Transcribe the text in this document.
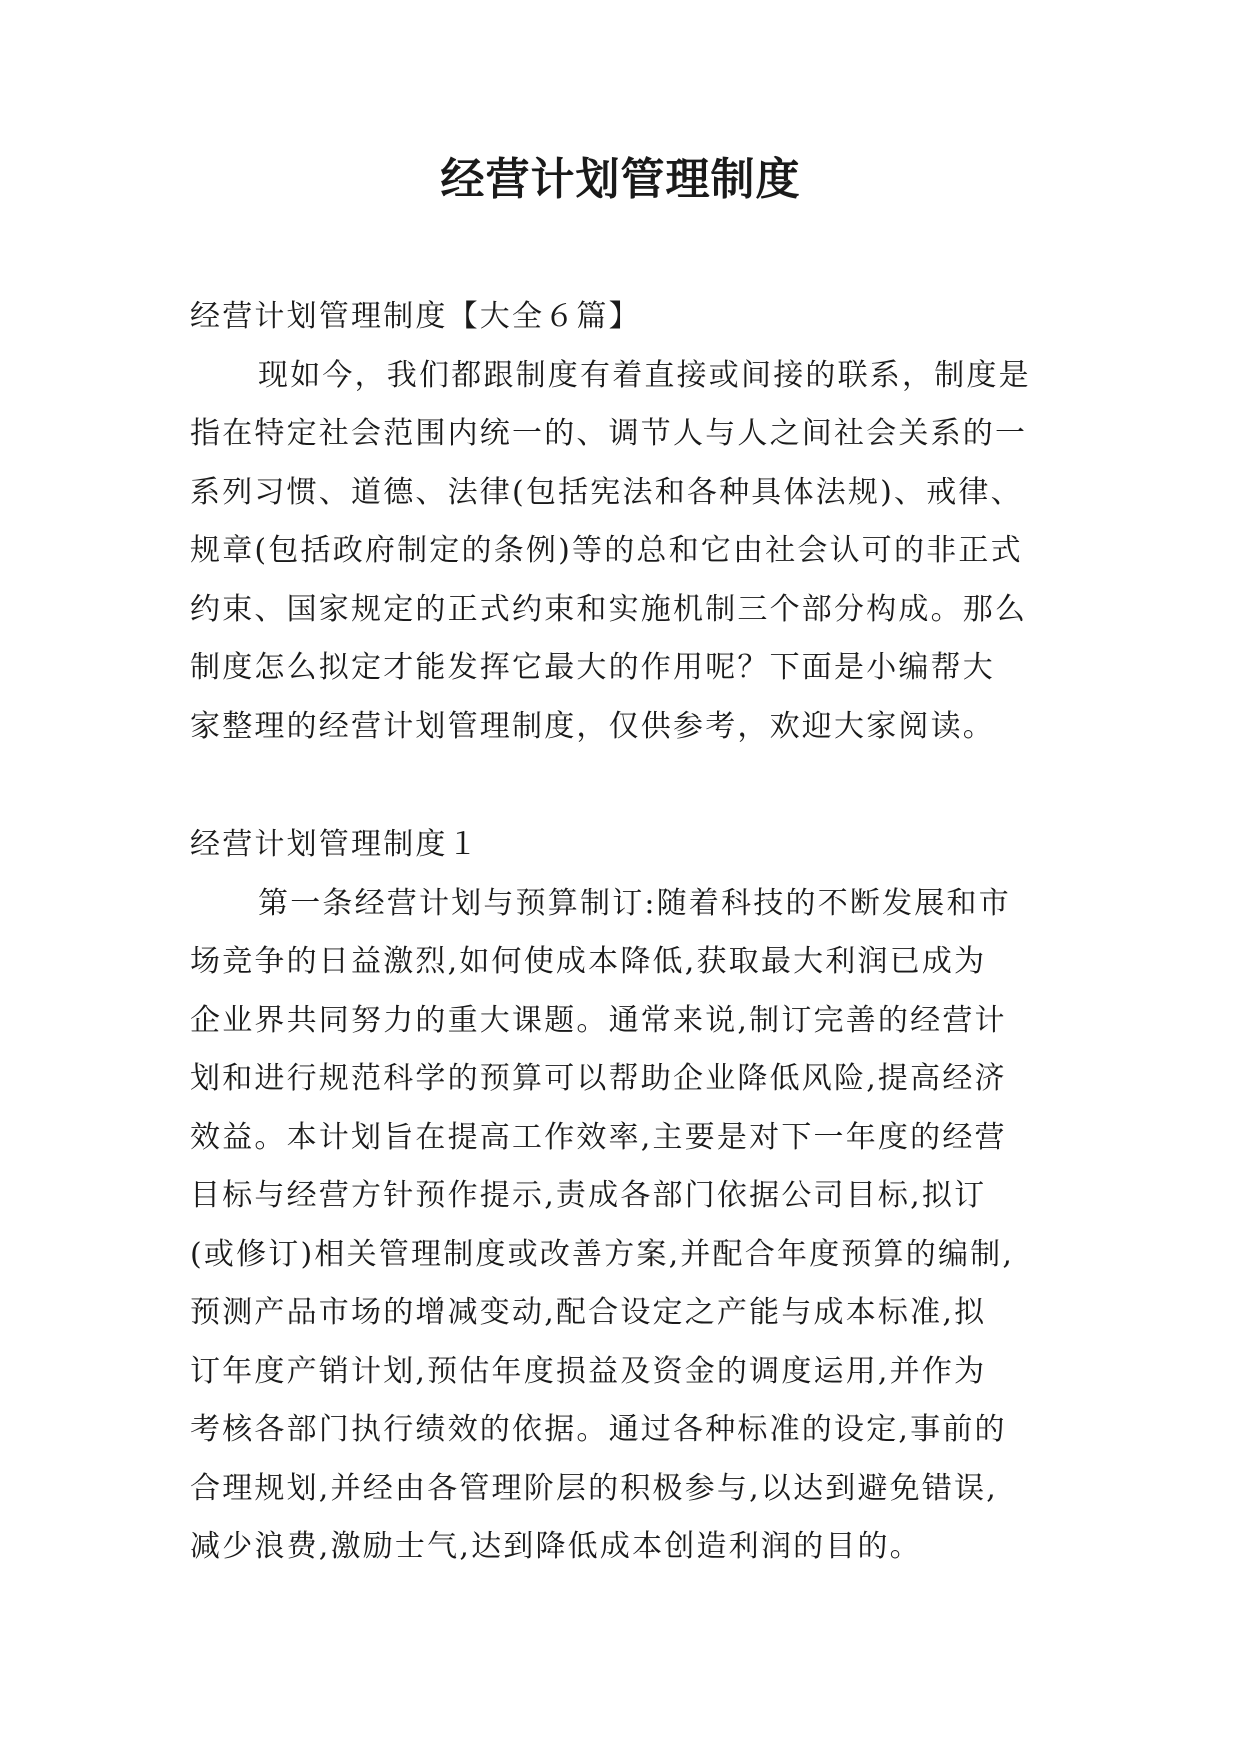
经营计划管理制度

经营计划管理制度【大全６篇】

现如今，我们都跟制度有着直接或间接的联系，制度是

指在特定社会范围内统一的、调节人与人之间社会关系的一

系列习惯、道德、法律(包括宪法和各种具体法规)、戒律、

规章(包括政府制定的条例)等的总和它由社会认可的非正式

约束、国家规定的正式约束和实施机制三个部分构成。那么

制度怎么拟定才能发挥它最大的作用呢？下面是小编帮大

家整理的经营计划管理制度，仅供参考，欢迎大家阅读。

经营计划管理制度１

第一条经营计划与预算制订:随着科技的不断发展和市

场竞争的日益激烈,如何使成本降低,获取最大利润已成为

企业界共同努力的重大课题。通常来说,制订完善的经营计

划和进行规范科学的预算可以帮助企业降低风险,提高经济

效益。本计划旨在提高工作效率,主要是对下一年度的经营

目标与经营方针预作提示,责成各部门依据公司目标,拟订

(或修订)相关管理制度或改善方案,并配合年度预算的编制,

预测产品市场的增减变动,配合设定之产能与成本标准,拟

订年度产销计划,预估年度损益及资金的调度运用,并作为

考核各部门执行绩效的依据。通过各种标准的设定,事前的

合理规划,并经由各管理阶层的积极参与,以达到避免错误,

减少浪费,激励士气,达到降低成本创造利润的目的。
